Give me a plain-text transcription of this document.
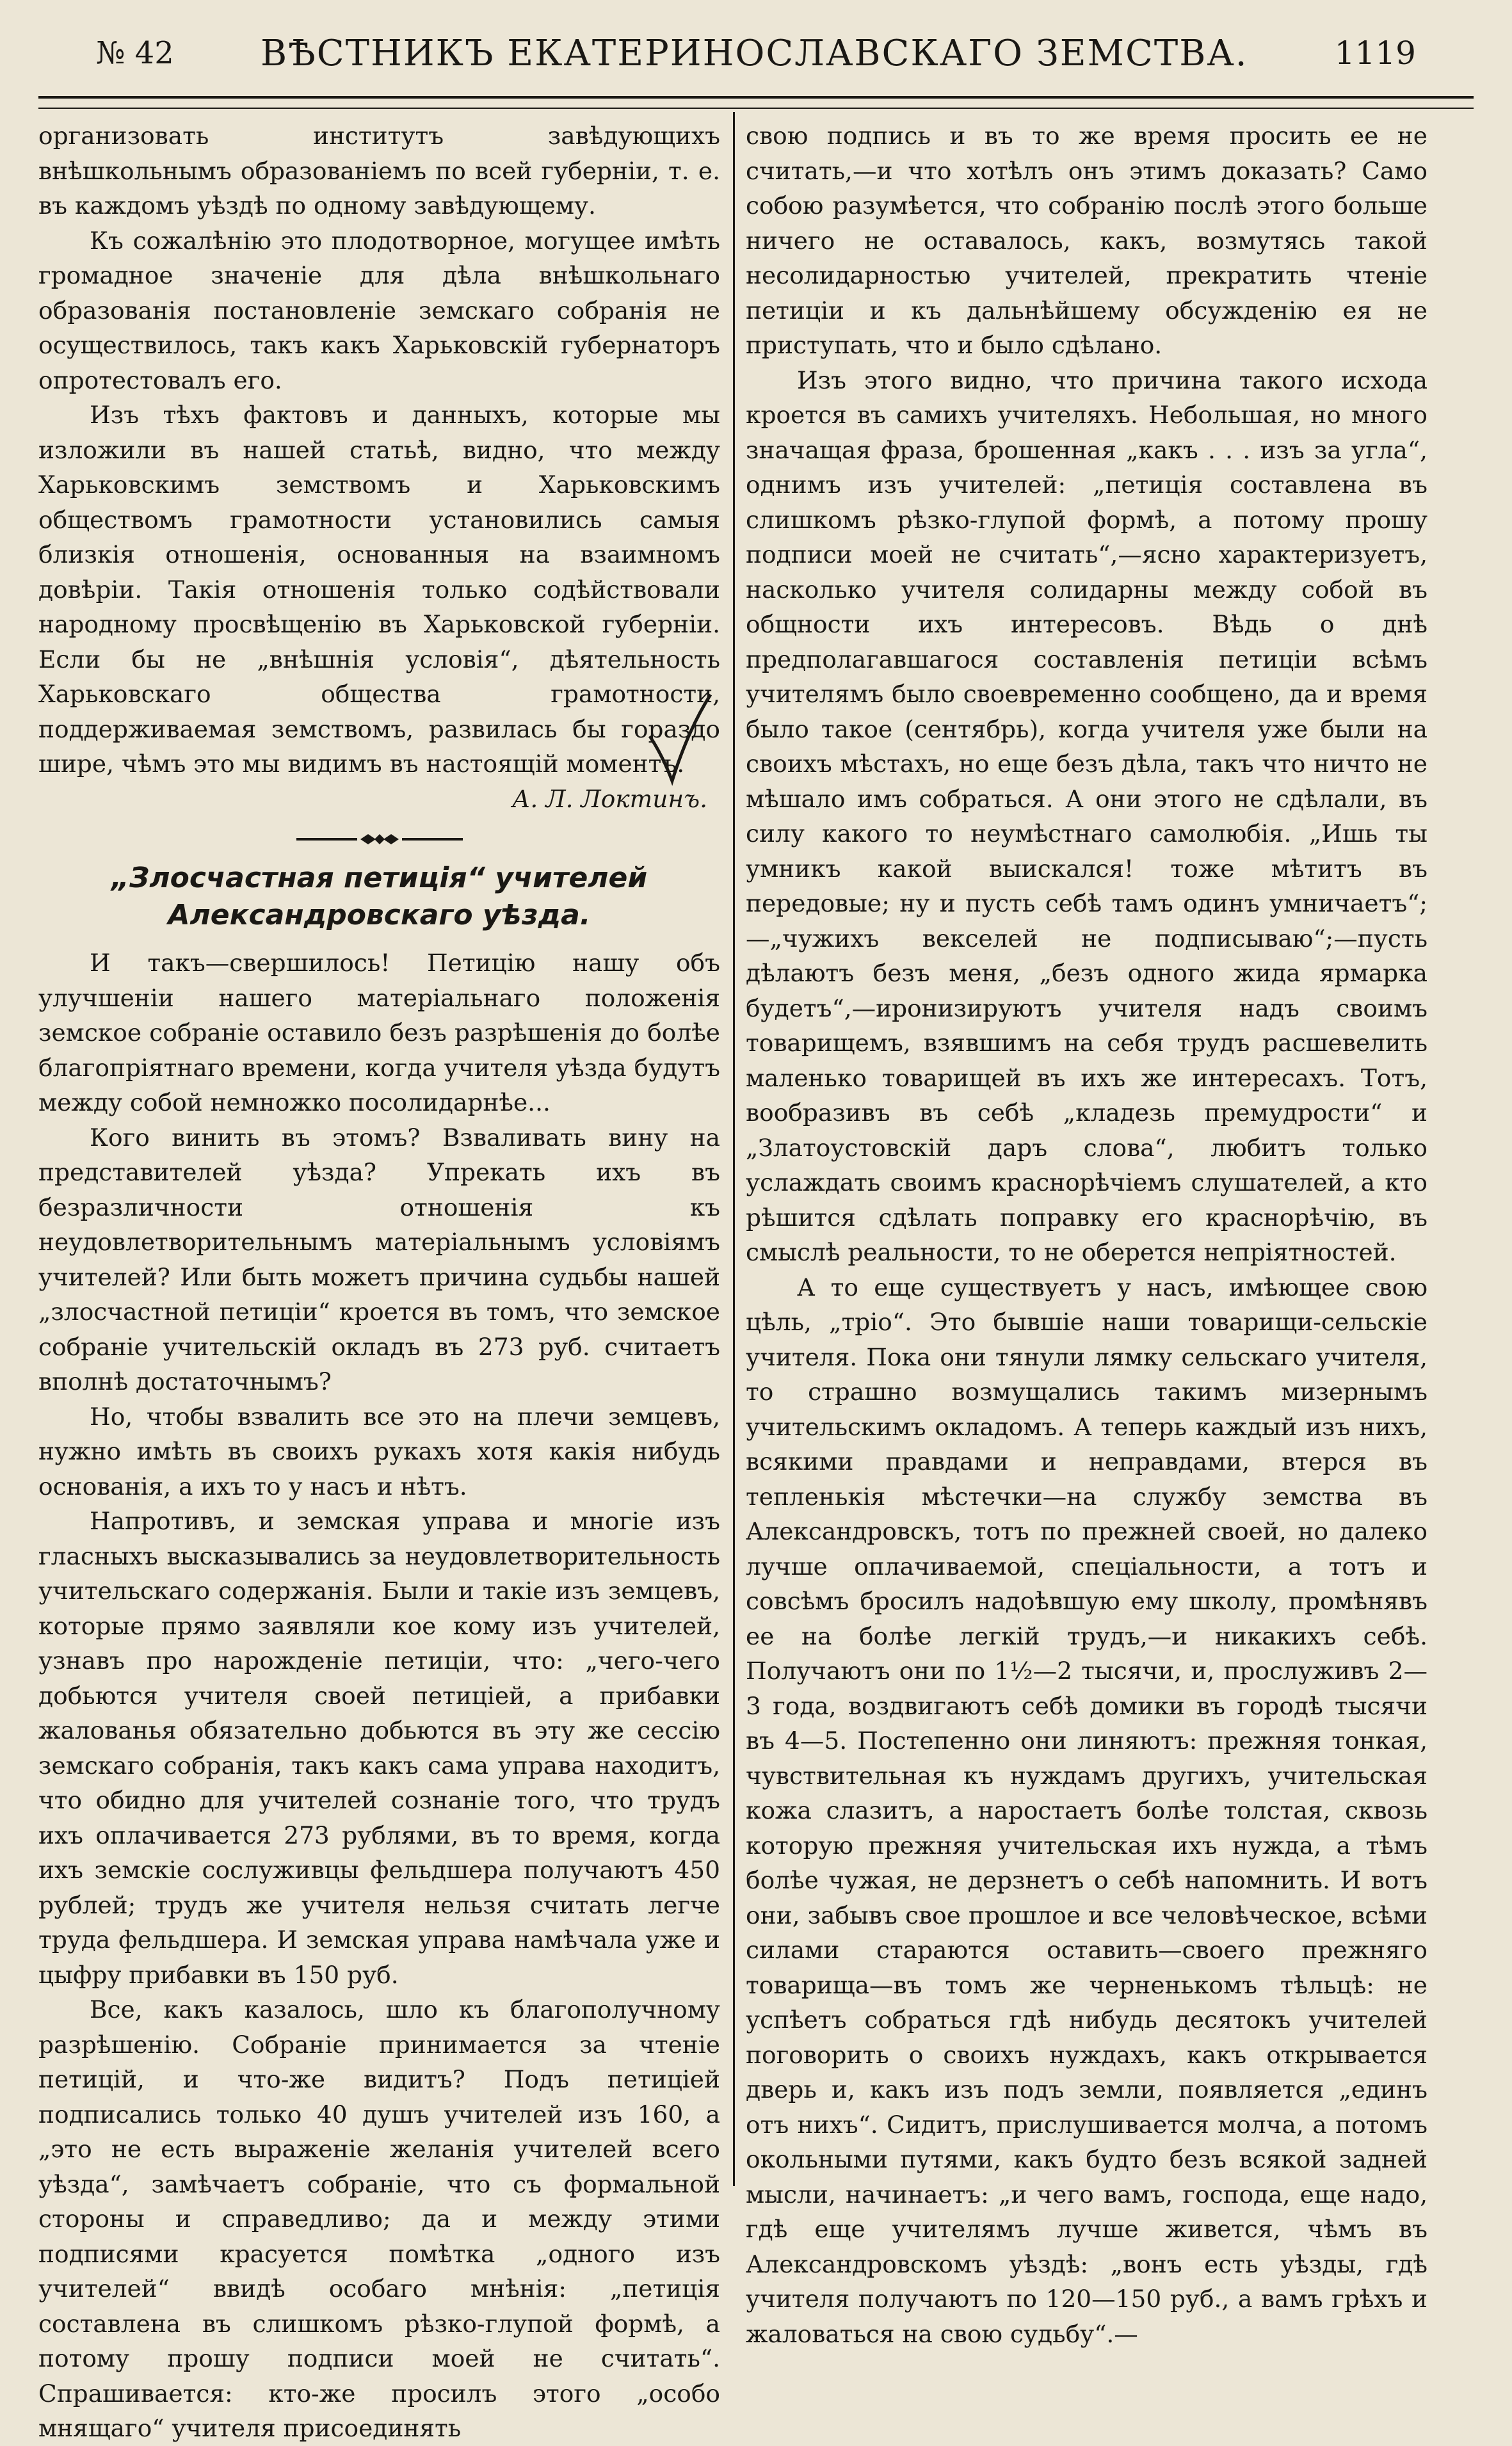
№ 42 ВѢСТНИКЪ ЕКАТЕРИНОСЛАВСКАГО ЗЕМСТВА.	1119

организовать институтъ завѣдующихъ внѣшкольнымъ образованіемъ по всей губерніи, т. е. въ каждомъ уѣздѣ по одному завѣдующему.

Къ сожалѣнію это плодотворное, могущее имѣть громадное значеніе для дѣла внѣшкольнаго образованія постановленіе земскаго собранія не осуществилось, такъ какъ Харьковскій губернаторъ опротестовалъ его.

Изъ тѣхъ фактовъ и данныхъ, которые мы изложили въ нашей статьѣ, видно, что между Харьковскимъ земствомъ и Харьковскимъ обществомъ грамотности установились самыя близкія отношенія, основанныя на взаимномъ довѣріи. Такія отношенія только содѣйствовали народному просвѣщенію въ Харьковской губерніи. Если бы не „внѣшнія условія“, дѣятельность Харьковскаго общества грамотности, поддерживаемая земствомъ, развилась бы гораздо шире, чѣмъ это мы видимъ въ настоящій моментъ.

А. Л. Локтинъ.
„Злосчастная петиція“ учителей Александровскаго уѣзда.

И такъ—свершилось! Петицію нашу объ улучшеніи нашего матеріальнаго положенія земское собраніе оставило безъ разрѣшенія до болѣе благопріятнаго времени, когда учителя уѣзда будутъ между собой немножко посолидарнѣе...

Кого винить въ этомъ? Взваливать вину на представителей уѣзда? Упрекать ихъ въ безразличности отношенія къ неудовлетворительнымъ матеріальнымъ условіямъ учителей? Или быть можетъ причина судьбы нашей „злосчастной петиціи“ кроется въ томъ, что земское собраніе учительскій окладъ въ 273 руб. считаетъ вполнѣ достаточнымъ?

Но, чтобы взвалить все это на плечи земцевъ, нужно имѣть въ своихъ рукахъ хотя какія нибудь основанія, а ихъ то у насъ и нѣтъ.

Напротивъ, и земская управа и многіе изъ гласныхъ высказывались за неудовлетворительность учительскаго содержанія. Были и такіе изъ земцевъ, которые прямо заявляли кое кому изъ учителей, узнавъ про нарожденіе петиціи, что: „чего-чего добьются учителя своей петиціей, а прибавки жалованья обязательно добьются въ эту же сессію земскаго собранія, такъ какъ сама управа находитъ, что обидно для учителей сознаніе того, что трудъ ихъ оплачивается 273 рублями, въ то время, когда ихъ земскіе сослуживцы фельдшера получаютъ 450 рублей; трудъ же учителя нельзя считать легче труда фельдшера. И земская управа намѣчала уже и цыфру прибавки въ 150 руб.

Все, какъ казалось, шло къ благополучному разрѣшенію. Собраніе принимается за чтеніе петицій, и что-же видитъ? Подъ петиціей подписались только 40 душъ учителей изъ 160, а „это не есть выраженіе желанія учителей всего уѣзда“, замѣчаетъ собраніе, что съ формальной стороны и справедливо; да и между этими подписями красуется помѣтка „одного изъ учителей“ ввидѣ особаго мнѣнія: „петиція составлена въ слишкомъ рѣзко-глупой формѣ, а потому прошу подписи моей не считать“. Спрашивается: кто-же просилъ этого „особо мнящаго“ учителя присоединять

свою подпись и въ то же время просить ее не считать,—и что хотѣлъ онъ этимъ доказать? Само собою разумѣется, что собранію послѣ этого больше ничего не оставалось, какъ, возмутясь такой несолидарностью учителей, прекратить чтеніе петиціи и къ дальнѣйшему обсужденію ея не приступать, что и было сдѣлано.

Изъ этого видно, что причина такого исхода кроется въ самихъ учителяхъ. Небольшая, но много значащая фраза, брошенная „какъ . . . изъ за угла“, однимъ изъ учителей: „петиція составлена въ слишкомъ рѣзко-глупой формѣ, а потому прошу подписи моей не считать“,—ясно характеризуетъ, насколько учителя солидарны между собой въ общности ихъ интересовъ. Вѣдь о днѣ предполагавшагося составленія петиціи всѣмъ учителямъ было своевременно сообщено, да и время было такое (сентябрь), когда учителя уже были на своихъ мѣстахъ, но еще безъ дѣла, такъ что ничто не мѣшало имъ собраться. А они этого не сдѣлали, въ силу какого то неумѣстнаго самолюбія. „Ишь ты умникъ какой выискался! тоже мѣтитъ въ передовые; ну и пусть себѣ тамъ одинъ умничаетъ“;—„чужихъ векселей не подписываю“;—пусть дѣлаютъ безъ меня, „безъ одного жида ярмарка будетъ“,—иронизируютъ учителя надъ своимъ товарищемъ, взявшимъ на себя трудъ расшевелить маленько товарищей въ ихъ же интересахъ. Тотъ, вообразивъ въ себѣ „кладезь премудрости“ и „Златоустовскій даръ слова“, любитъ только услаждать своимъ краснорѣчіемъ слушателей, а кто рѣшится сдѣлать поправку его краснорѣчію, въ смыслѣ реальности, то не оберется непріятностей.

А то еще существуетъ у насъ, имѣющее свою цѣль, „тріо“. Это бывшіе наши товарищи-сельскіе учителя. Пока они тянули лямку сельскаго учителя, то страшно возмущались такимъ мизернымъ учительскимъ окладомъ. А теперь каждый изъ нихъ, всякими правдами и неправдами, втерся въ тепленькія мѣстечки—на службу земства въ Александровскъ, тотъ по прежней своей, но далеко лучше оплачиваемой, спеціальности, а тотъ и совсѣмъ бросилъ надоѣвшую ему школу, промѣнявъ ее на болѣе легкій трудъ,—и никакихъ себѣ. Получаютъ они по 1½—2 тысячи, и, прослуживъ 2—3 года, воздвигаютъ себѣ домики въ городѣ тысячи въ 4—5. Постепенно они линяютъ: прежняя тонкая, чувствительная къ нуждамъ другихъ, учительская кожа слазитъ, а наростаетъ болѣе толстая, сквозь которую прежняя учительская ихъ нужда, а тѣмъ болѣе чужая, не дерзнетъ о себѣ напомнить. И вотъ они, забывъ свое прошлое и все человѣческое, всѣми силами стараются оставить—своего прежняго товарища—въ томъ же черненькомъ тѣльцѣ: не успѣетъ собраться гдѣ нибудь десятокъ учителей поговорить о своихъ нуждахъ, какъ открывается дверь и, какъ изъ подъ земли, появляется „единъ отъ нихъ“. Сидитъ, прислушивается молча, а потомъ окольными путями, какъ будто безъ всякой задней мысли, начинаетъ: „и чего вамъ, господа, еще надо, гдѣ еще учителямъ лучше живется, чѣмъ въ Александровскомъ уѣздѣ: „вонъ есть уѣзды, гдѣ учителя получаютъ по 120—150 руб., а вамъ грѣхъ и жаловаться на свою судьбу“.—
